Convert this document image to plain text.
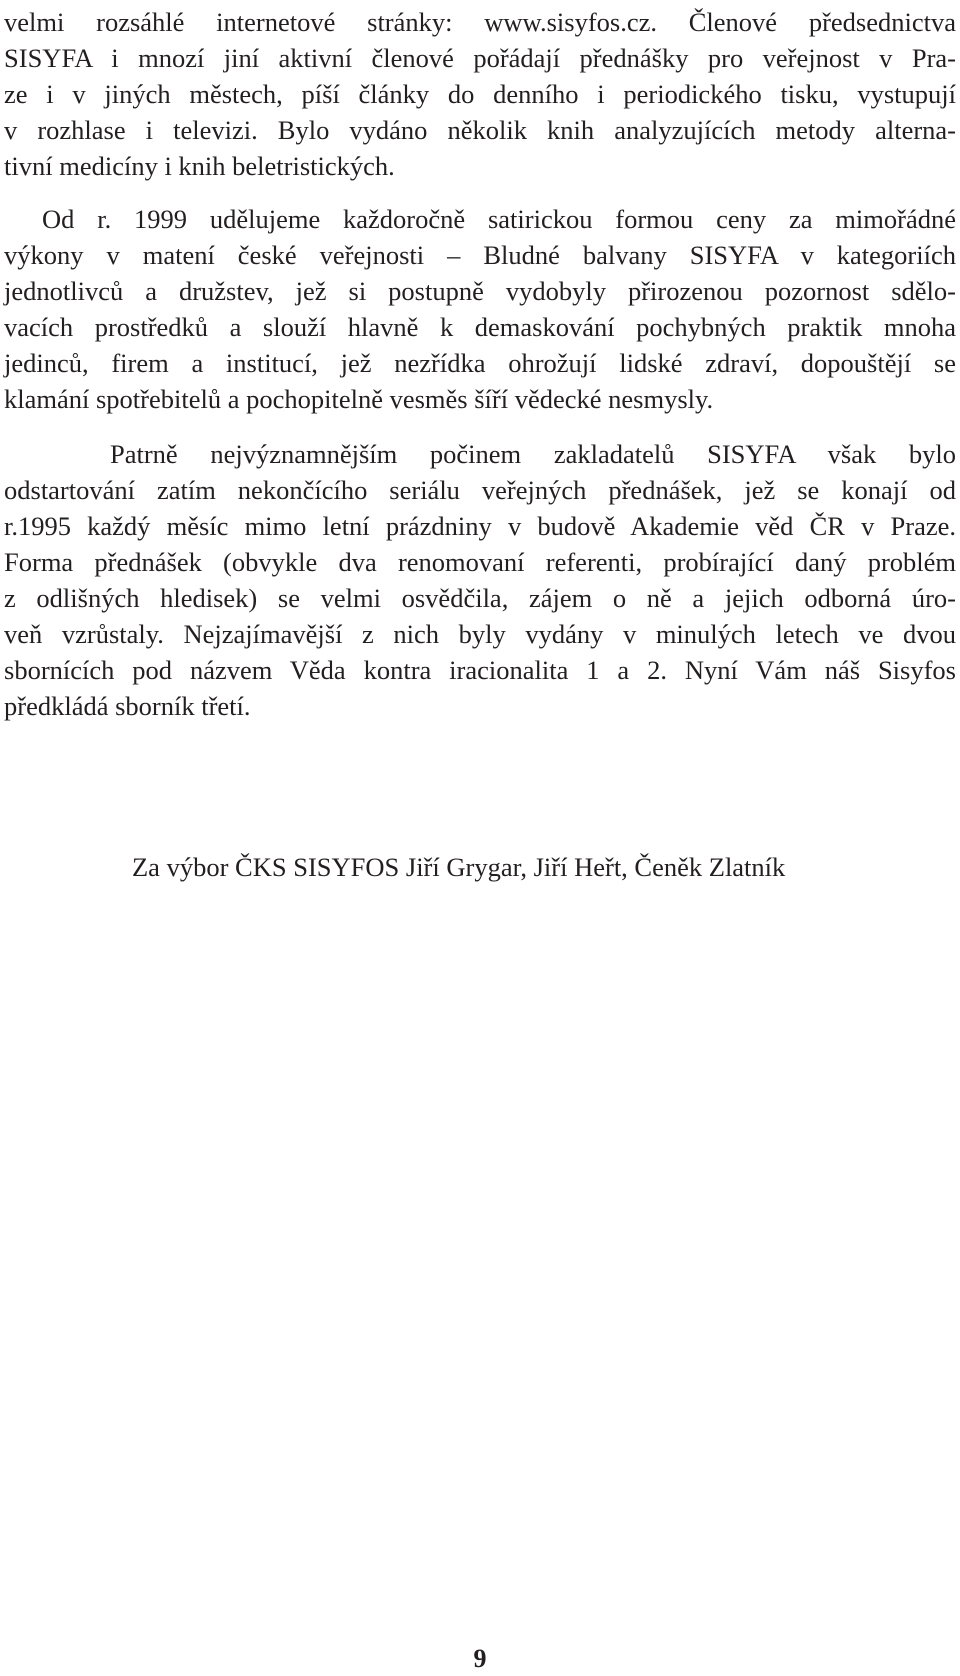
velmi rozsáhlé internetové stránky: www.sisyfos.cz. Členové předsednictva
SISYFA i mnozí jiní aktivní členové pořádají přednášky pro veřejnost v Pra-
ze i v jiných městech, píší články do denního i periodického tisku, vystupují
v rozhlase i televizi. Bylo vydáno několik knih analyzujících metody alterna-
tivní medicíny i knih beletristických.
Od r. 1999 udělujeme každoročně satirickou formou ceny za mimořádné
výkony v matení české veřejnosti – Bludné balvany SISYFA v kategoriích
jednotlivců a družstev, jež si postupně vydobyly přirozenou pozornost sdělo-
vacích prostředků a slouží hlavně k demaskování pochybných praktik mnoha
jedinců, firem a institucí, jež nezřídka ohrožují lidské zdraví, dopouštějí se
klamání spotřebitelů a pochopitelně vesměs šíří vědecké nesmysly.
Patrně nejvýznamnějším počinem zakladatelů SISYFA však bylo
odstartování zatím nekončícího seriálu veřejných přednášek, jež se konají od
r.1995 každý měsíc mimo letní prázdniny v budově Akademie věd ČR v Praze.
Forma přednášek (obvykle dva renomovaní referenti, probírající daný problém
z odlišných hledisek) se velmi osvědčila, zájem o ně a jejich odborná úro-
veň vzrůstaly. Nejzajímavější z nich byly vydány v minulých letech ve dvou
sbornících pod názvem Věda kontra iracionalita 1 a 2. Nyní Vám náš Sisyfos
předkládá sborník třetí.
Za výbor ČKS SISYFOS Jiří Grygar, Jiří Heřt, Čeněk Zlatník
9
